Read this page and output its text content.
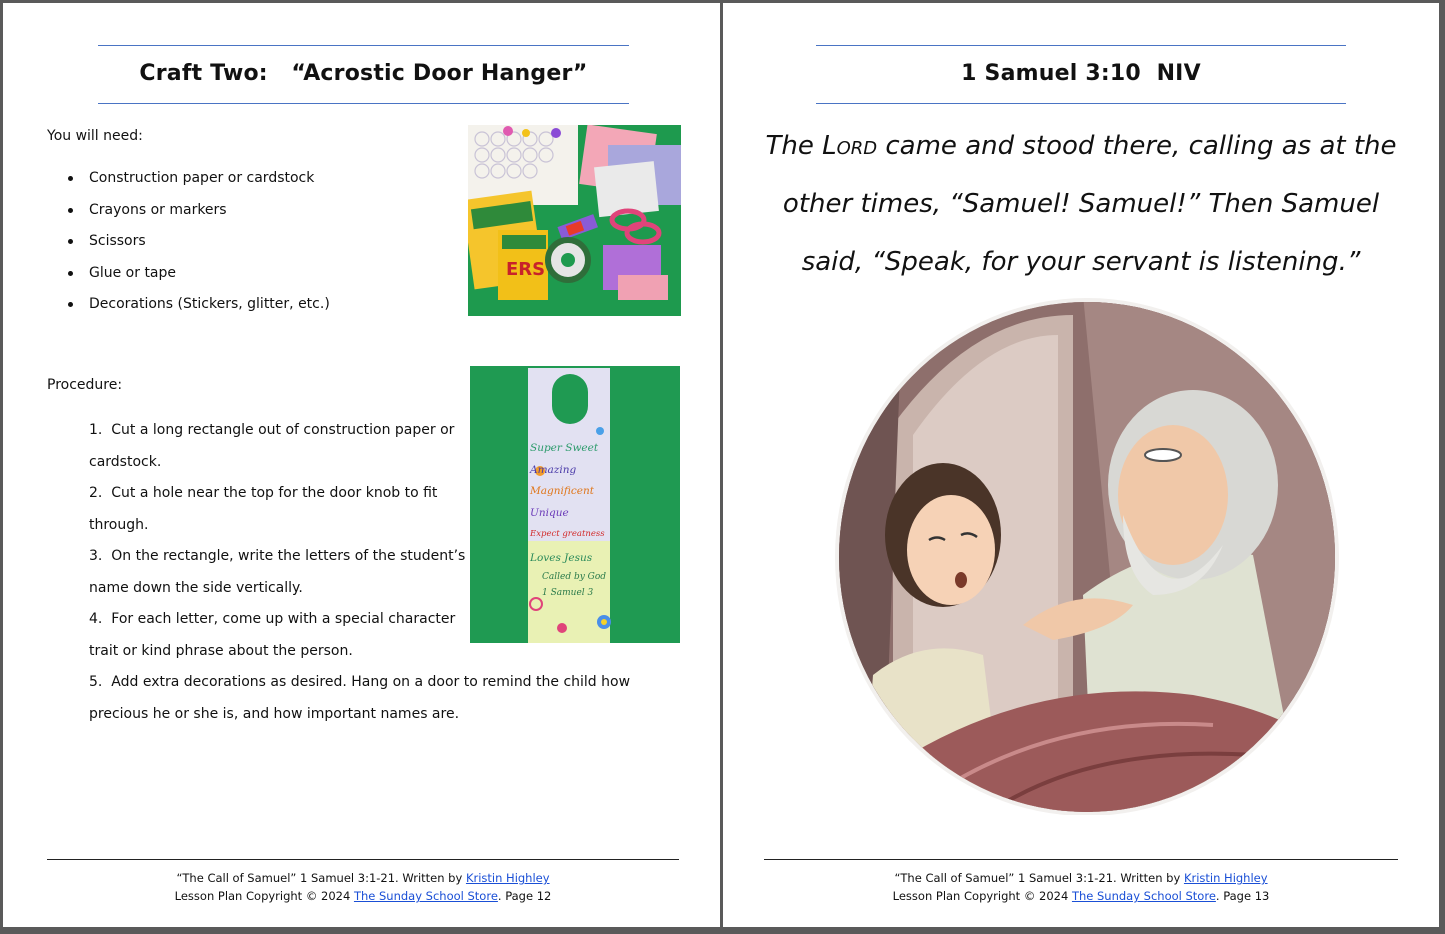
Craft Two:   “Acrostic Door Hanger”
You will need:
Construction paper or cardstock
Crayons or markers
Scissors
Glue or tape
Decorations (Stickers, glitter, etc.)
ERS
Procedure:
1. Cut a long rectangle out of construction paper or
cardstock.
2. Cut a hole near the top for the door knob to fit
through.
3. On the rectangle, write the letters of the student’s
name down the side vertically.
4. For each letter, come up with a special character
trait or kind phrase about the person.
5. Add extra decorations as desired. Hang on a door to remind the child how
precious he or she is, and how important names are.
Super Sweet
Amazing
Magnificent
Unique
Expect greatness
Loves Jesus
Called by God
1 Samuel 3
“The Call of Samuel” 1 Samuel 3:1-21. Written by Kristin Highley
Lesson Plan Copyright © 2024 The Sunday School Store. Page 12
1 Samuel 3:10  NIV
The Lord came and stood there, calling as at the
other times, “Samuel! Samuel!” Then Samuel
said, “Speak, for your servant is listening.”
“The Call of Samuel” 1 Samuel 3:1-21. Written by Kristin Highley
Lesson Plan Copyright © 2024 The Sunday School Store. Page 13
